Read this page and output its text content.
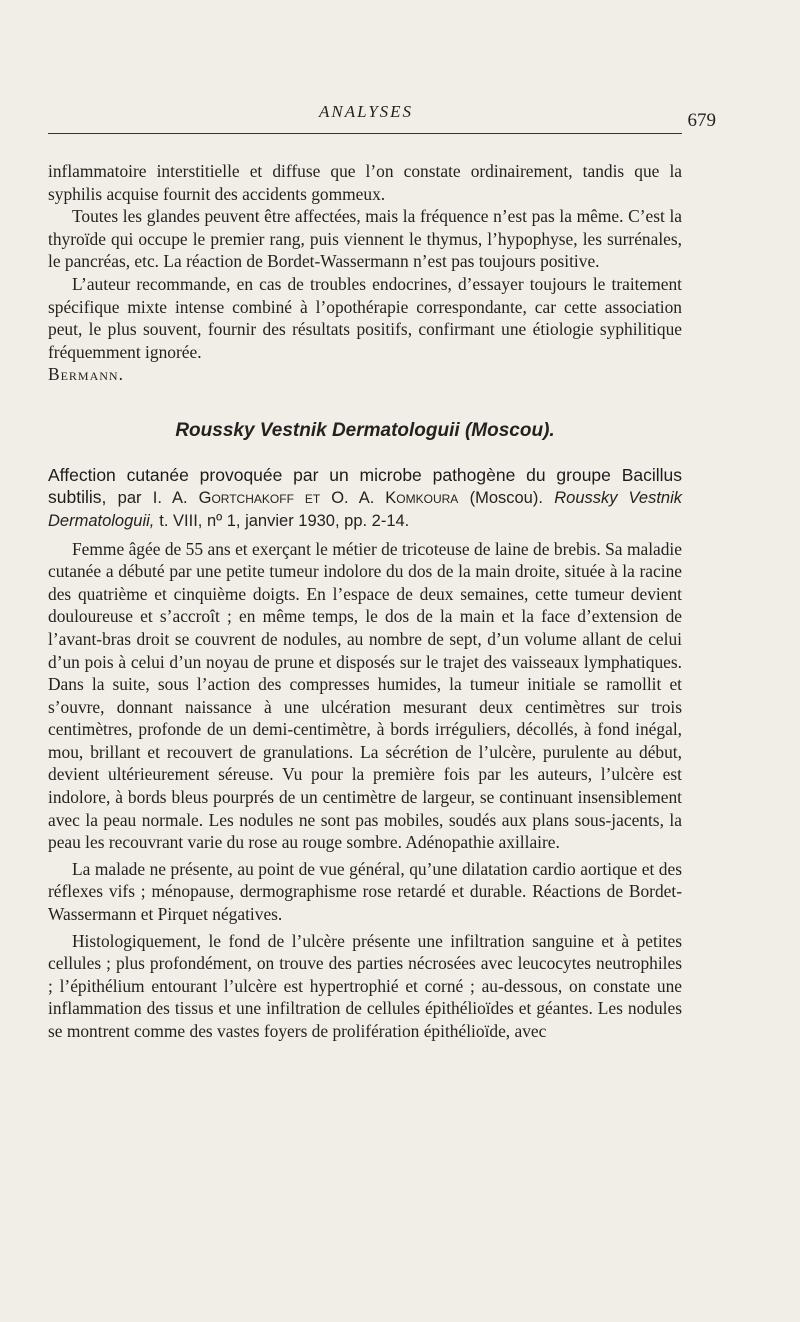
ANALYSES	679

inflammatoire interstitielle et diffuse que l’on constate ordinairement, tandis que la syphilis acquise fournit des accidents gommeux.

Toutes les glandes peuvent être affectées, mais la fréquence n’est pas la même. C’est la thyroïde qui occupe le premier rang, puis viennent le thymus, l’hypophyse, les surrénales, le pancréas, etc. La réaction de Bordet-Wassermann n’est pas toujours positive.

L’auteur recommande, en cas de troubles endocrines, d’essayer toujours le traitement spécifique mixte intense combiné à l’opothérapie correspondante, car cette association peut, le plus souvent, fournir des résultats positifs, confirmant une étiologie syphilitique fréquemment ignorée.

Bermann.

Roussky Vestnik Dermatologuii (Moscou).

Affection cutanée provoquée par un microbe pathogène du groupe Bacillus subtilis, par I. A. Gortchakoff et O. A. Komkoura (Moscou). Roussky Vestnik Dermatologuii, t. VIII, nº 1, janvier 1930, pp. 2-14.

Femme âgée de 55 ans et exerçant le métier de tricoteuse de laine de brebis. Sa maladie cutanée a débuté par une petite tumeur indolore du dos de la main droite, située à la racine des quatrième et cinquième doigts. En l’espace de deux semaines, cette tumeur devient douloureuse et s’accroît ; en même temps, le dos de la main et la face d’extension de l’avant-bras droit se couvrent de nodules, au nombre de sept, d’un volume allant de celui d’un pois à celui d’un noyau de prune et disposés sur le trajet des vaisseaux lymphatiques. Dans la suite, sous l’action des compresses humides, la tumeur initiale se ramollit et s’ouvre, donnant naissance à une ulcération mesurant deux centimètres sur trois centimètres, profonde de un demi-centimètre, à bords irréguliers, décollés, à fond inégal, mou, brillant et recouvert de granulations. La sécrétion de l’ulcère, purulente au début, devient ultérieurement séreuse. Vu pour la première fois par les auteurs, l’ulcère est indolore, à bords bleus pourprés de un centimètre de largeur, se continuant insensiblement avec la peau normale. Les nodules ne sont pas mobiles, soudés aux plans sous-jacents, la peau les recouvrant varie du rose au rouge sombre. Adénopathie axillaire.

La malade ne présente, au point de vue général, qu’une dilatation cardio aortique et des réflexes vifs ; ménopause, dermographisme rose retardé et durable. Réactions de Bordet-Wassermann et Pirquet négatives.

Histologiquement, le fond de l’ulcère présente une infiltration sanguine et à petites cellules ; plus profondément, on trouve des parties nécrosées avec leucocytes neutrophiles ; l’épithélium entourant l’ulcère est hypertrophié et corné ; au-dessous, on constate une inflammation des tissus et une infiltration de cellules épithélioïdes et géantes. Les nodules se montrent comme des vastes foyers de prolifération épithélioïde, avec
